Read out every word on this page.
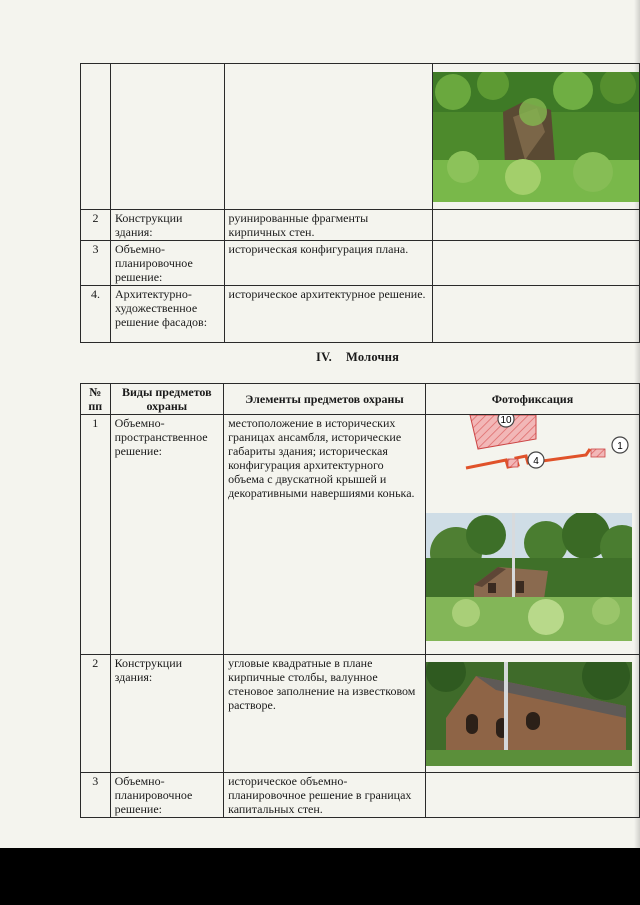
2	Конструкции здания:	руинированные фрагменты кирпичных стен.	
3	Объемно-планировочное решение:	историческая конфигурация плана.	
4.	Архитектурно-художественное решение фасадов:	историческое архитектурное решение.	
IV. Молочня
№ пп	Виды предметов охраны	Элементы предметов охраны	Фотофиксация
1	Объемно-пространственное решение:	местоположение в исторических границах ансамбля, исторические габариты здания; историческая конфигурация архитектурного объема с двускатной крышей и декоративными навершиями конька.	10
4
1

2	Конструкции здания:	угловые квадратные в плане кирпичные столбы, валунное стеновое заполнение на известковом растворе.	

3	Объемно-планировочное решение:	историческое объемно-планировочное решение в границах капитальных стен.	
